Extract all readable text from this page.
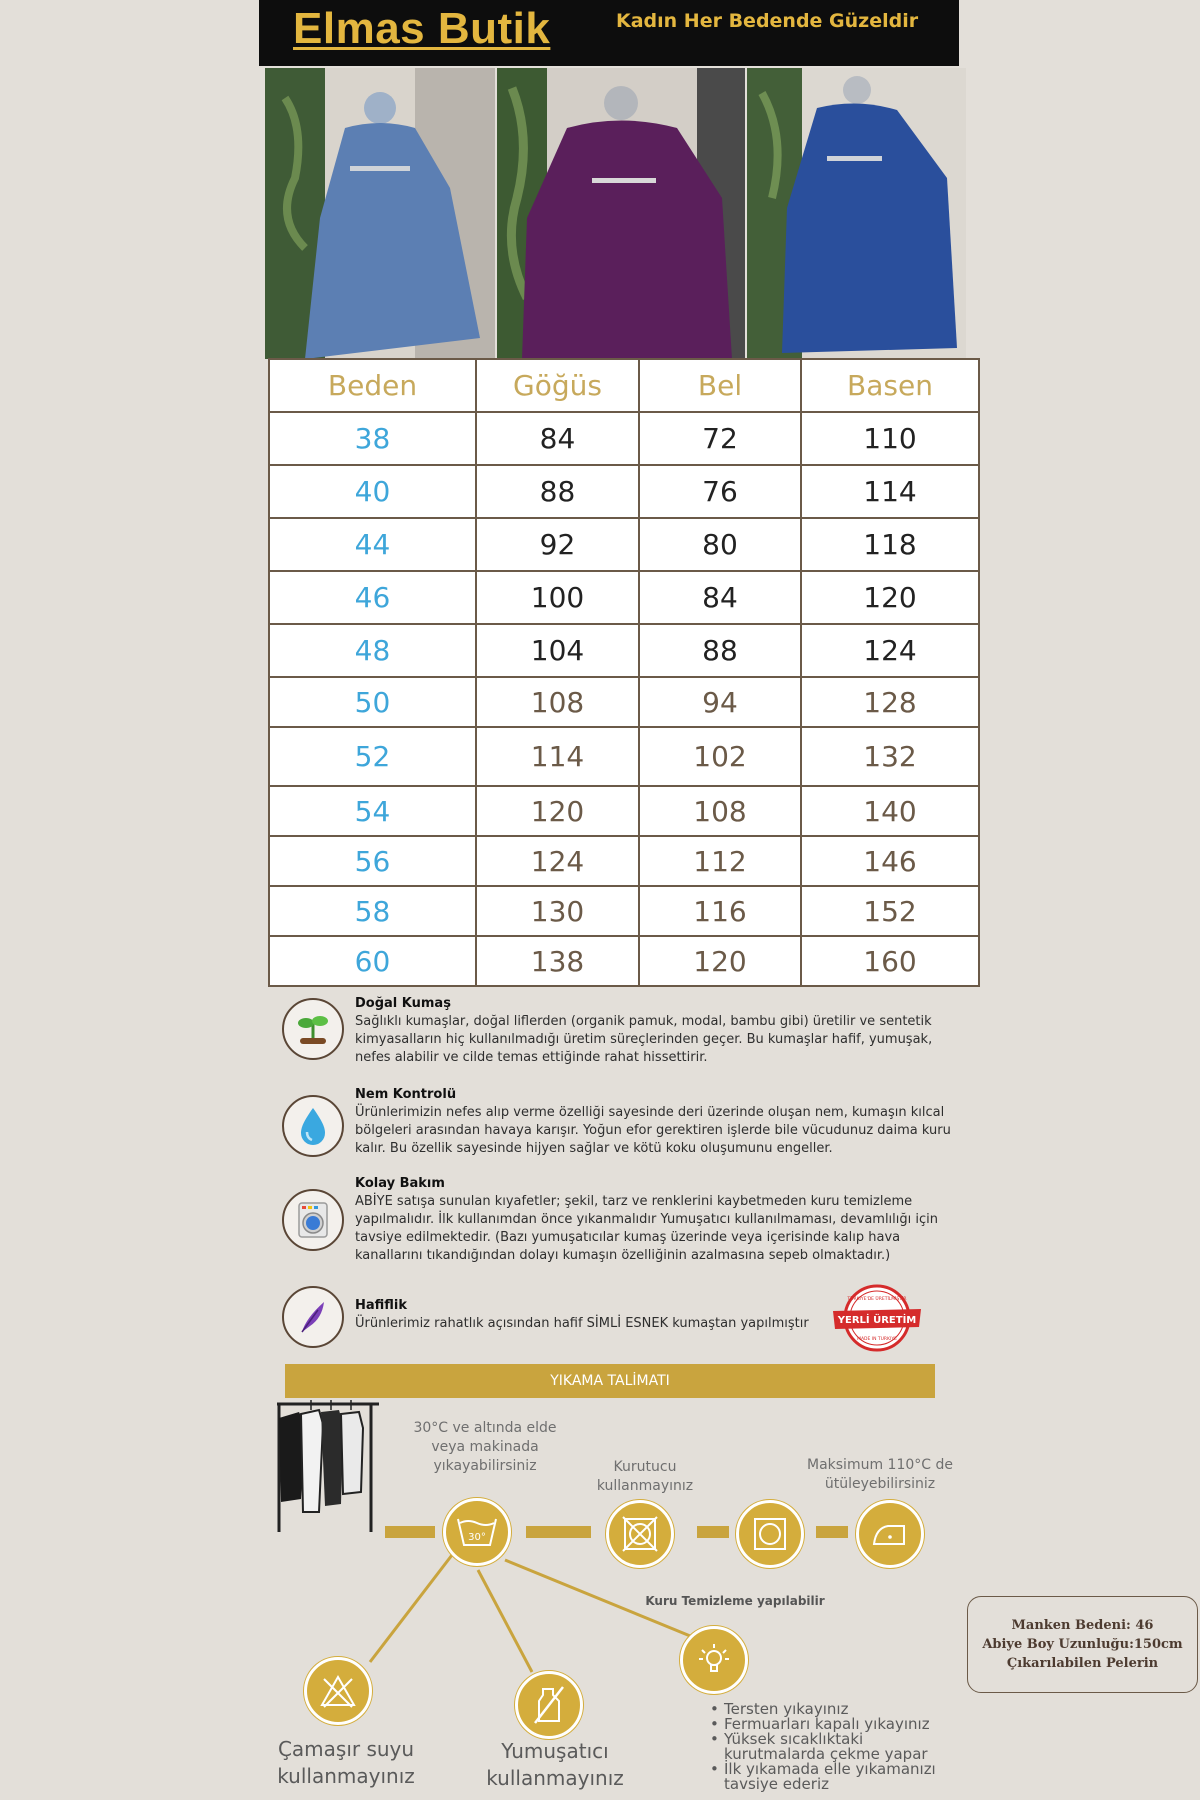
Elmas Butik	Kadın Her Bedende Güzeldir
Beden	Göğüs	Bel	Basen
38	84	72	110
40	88	76	114
44	92	80	118
46	100	84	120
48	104	88	124
50	108	94	128
52	114	102	132
54	120	108	140
56	124	112	146
58	130	116	152
60	138	120	160
Doğal Kumaş
Sağlıklı kumaşlar, doğal liflerden (organik pamuk, modal, bambu gibi) üretilir ve sentetik kimyasalların hiç kullanılmadığı üretim süreçlerinden geçer. Bu kumaşlar hafif, yumuşak, nefes alabilir ve cilde temas ettiğinde rahat hissettirir.
Nem Kontrolü
Ürünlerimizin nefes alıp verme özelliği sayesinde deri üzerinde oluşan nem, kumaşın kılcal bölgeleri arasından havaya karışır. Yoğun efor gerektiren işlerde bile vücudunuz daima kuru kalır. Bu özellik sayesinde hijyen sağlar ve kötü koku oluşumunu engeller.
Kolay Bakım
ABİYE satışa sunulan kıyafetler; şekil, tarz ve renklerini kaybetmeden kuru temizleme yapılmalıdır. İlk kullanımdan önce yıkanmalıdır Yumuşatıcı kullanılmaması, devamlılığı için tavsiye edilmektedir. (Bazı yumuşatıcılar kumaş üzerinde veya içerisinde kalıp hava kanallarını tıkandığından dolayı kumaşın özelliğinin azalmasına sepeb olmaktadır.)
Hafiflik
Ürünlerimiz rahatlık açısından hafif SİMLİ ESNEK kumaştan yapılmıştır
TÜRKİYE'DE ÜRETİLMİŞTİR
YERLİ ÜRETİM
MADE IN TURKIYE
YIKAMA TALİMATI
30°C ve altında elde veya makinada yıkayabilirsiniz
30°
Kurutucu kullanmayınız
Maksimum 110°C de ütüleyebilirsiniz
Kuru Temizleme yapılabilir
Çamaşır suyu kullanmayınız
Yumuşatıcı kullanmayınız
• Tersten yıkayınız
• Fermuarları kapalı yıkayınız
• Yüksek sıcaklıktaki kurutmalarda çekme yapar
• İlk yıkamada elle yıkamanızı tavsiye ederiz
Manken Bedeni: 46
Abiye Boy Uzunluğu:150cm
Çıkarılabilen Pelerin
